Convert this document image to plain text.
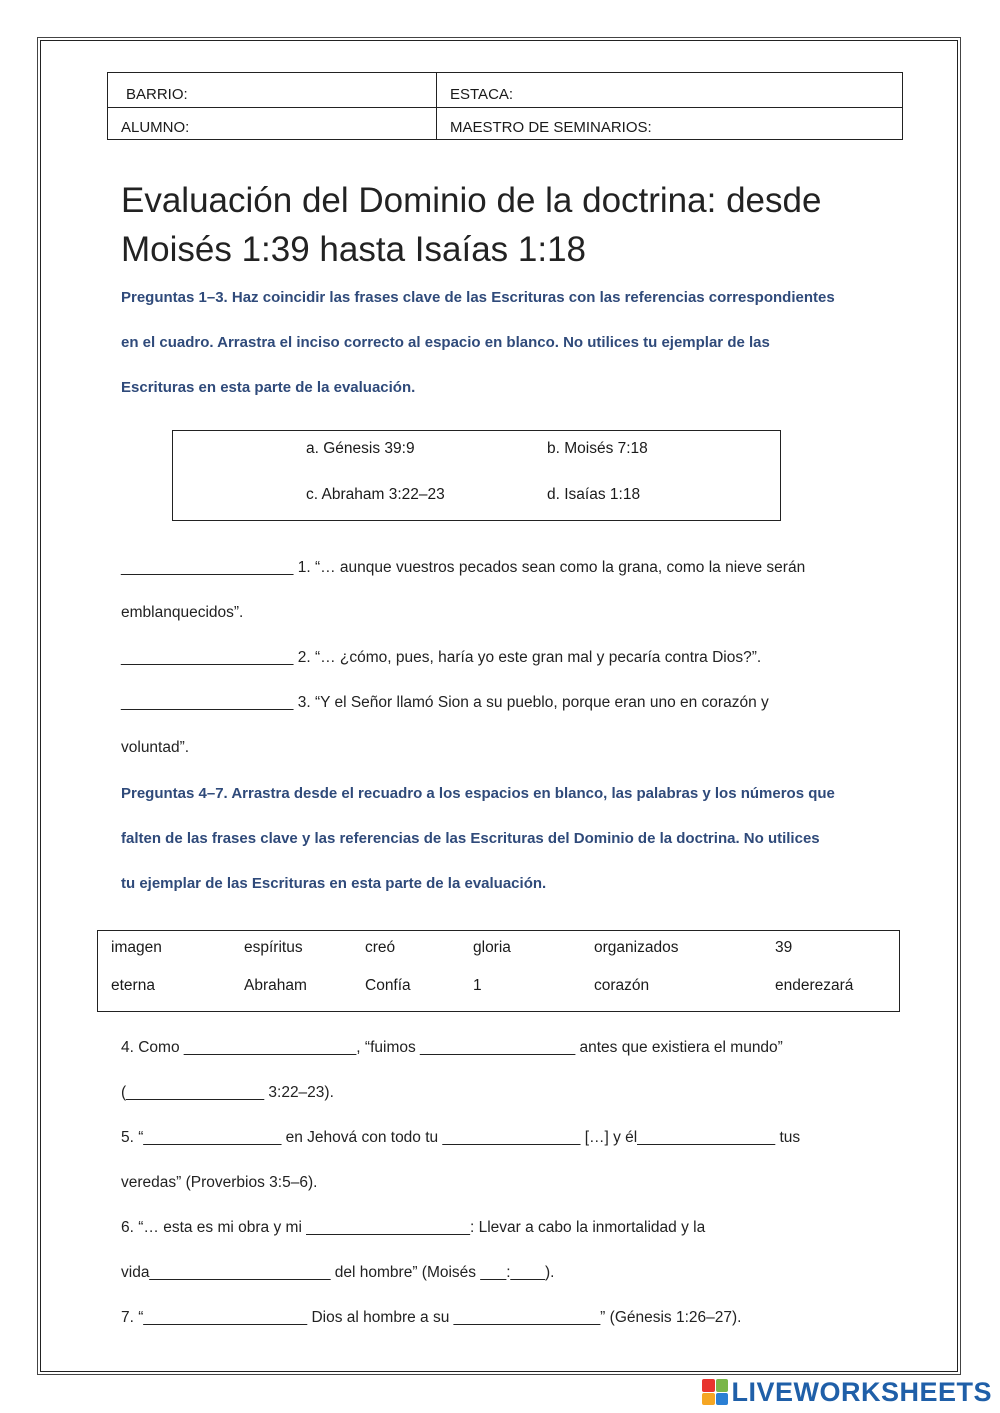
BARRIO:	ESTACA:
ALUMNO:	MAESTRO DE SEMINARIOS:
Evaluación del Dominio de la doctrina: desde
Moisés 1:39 hasta Isaías 1:18
Preguntas 1–3. Haz coincidir las frases clave de las Escrituras con las referencias correspondientes
en el cuadro. Arrastra el inciso correcto al espacio en blanco. No utilices tu ejemplar de las
Escrituras en esta parte de la evaluación.
a. Génesis 39:9	b. Moisés 7:18
c. Abraham 3:22–23	d. Isaías 1:18
____________________ 1. “… aunque vuestros pecados sean como la grana, como la nieve serán
emblanquecidos”.
____________________ 2. “… ¿cómo, pues, haría yo este gran mal y pecaría contra Dios?”.
____________________ 3. “Y el Señor llamó Sion a su pueblo, porque eran uno en corazón y
voluntad”.
Preguntas 4–7. Arrastra desde el recuadro a los espacios en blanco, las palabras y los números que
falten de las frases clave y las referencias de las Escrituras del Dominio de la doctrina. No utilices
tu ejemplar de las Escrituras en esta parte de la evaluación.
imagen	espíritus	creó	gloria	organizados	39
eterna	Abraham	Confía	1	corazón	enderezará
4. Como ____________________, “fuimos __________________ antes que existiera el mundo”
(________________ 3:22–23).
5. “________________ en Jehová con todo tu ________________ […] y él________________ tus
veredas” (Proverbios 3:5–6).
6. “… esta es mi obra y mi ___________________: Llevar a cabo la inmortalidad y la
vida_____________________ del hombre” (Moisés ___:____).
7. “___________________ Dios al hombre a su _________________” (Génesis 1:26–27).
LIVEWORKSHEETS
